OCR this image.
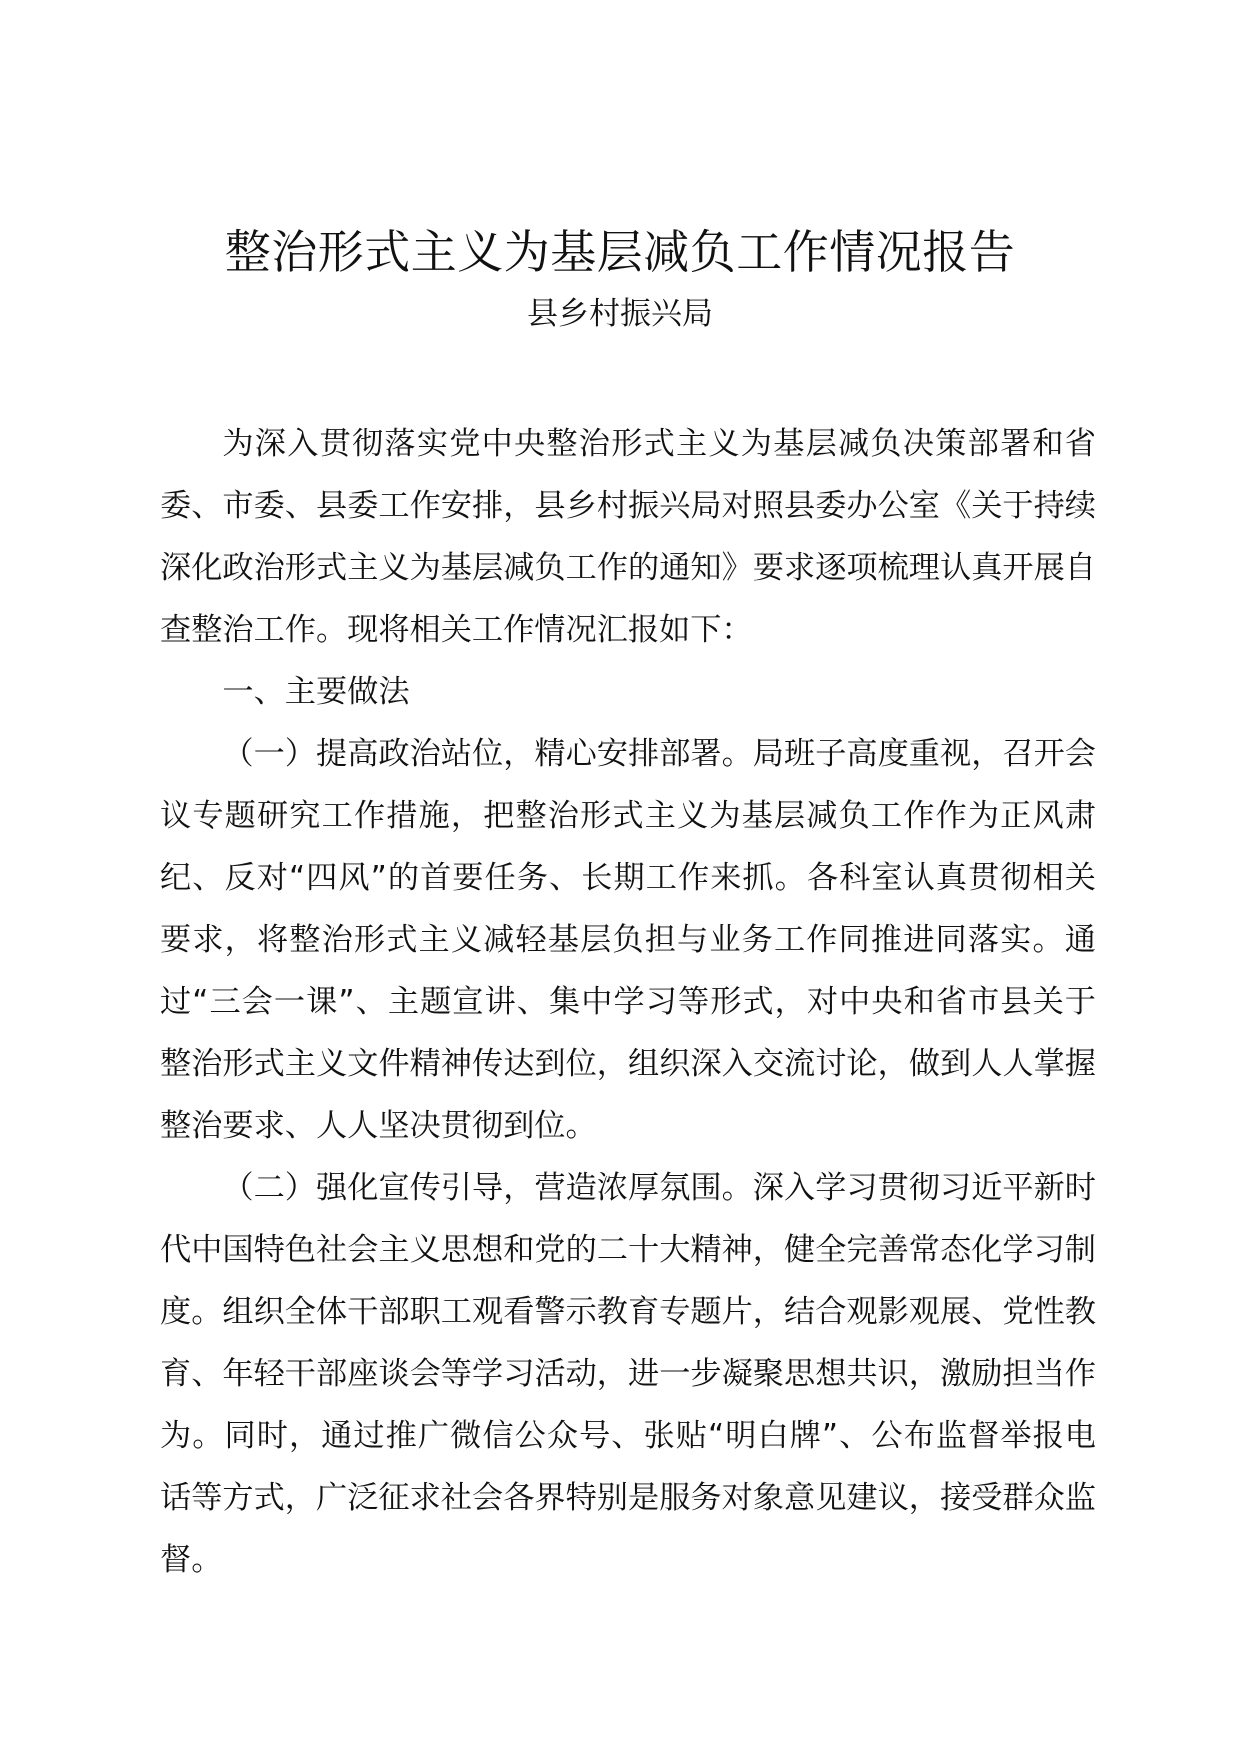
整治形式主义为基层减负工作情况报告
县乡村振兴局

为深入贯彻落实党中央整治形式主义为基层减负决策部署和省委、市委、县委工作安排，县乡村振兴局对照县委办公室《关于持续深化政治形式主义为基层减负工作的通知》要求逐项梳理认真开展自查整治工作。现将相关工作情况汇报如下：

一、主要做法

（一）提高政治站位，精心安排部署。局班子高度重视，召开会议专题研究工作措施，把整治形式主义为基层减负工作作为正风肃纪、反对“四风”的首要任务、长期工作来抓。各科室认真贯彻相关要求，将整治形式主义减轻基层负担与业务工作同推进同落实。通过“三会一课”、主题宣讲、集中学习等形式，对中央和省市县关于整治形式主义文件精神传达到位，组织深入交流讨论，做到人人掌握整治要求、人人坚决贯彻到位。

（二）强化宣传引导，营造浓厚氛围。深入学习贯彻习近平新时代中国特色社会主义思想和党的二十大精神，健全完善常态化学习制度。组织全体干部职工观看警示教育专题片，结合观影观展、党性教育、年轻干部座谈会等学习活动，进一步凝聚思想共识，激励担当作为。同时，通过推广微信公众号、张贴“明白牌”、公布监督举报电话等方式，广泛征求社会各界特别是服务对象意见建议，接受群众监督。
